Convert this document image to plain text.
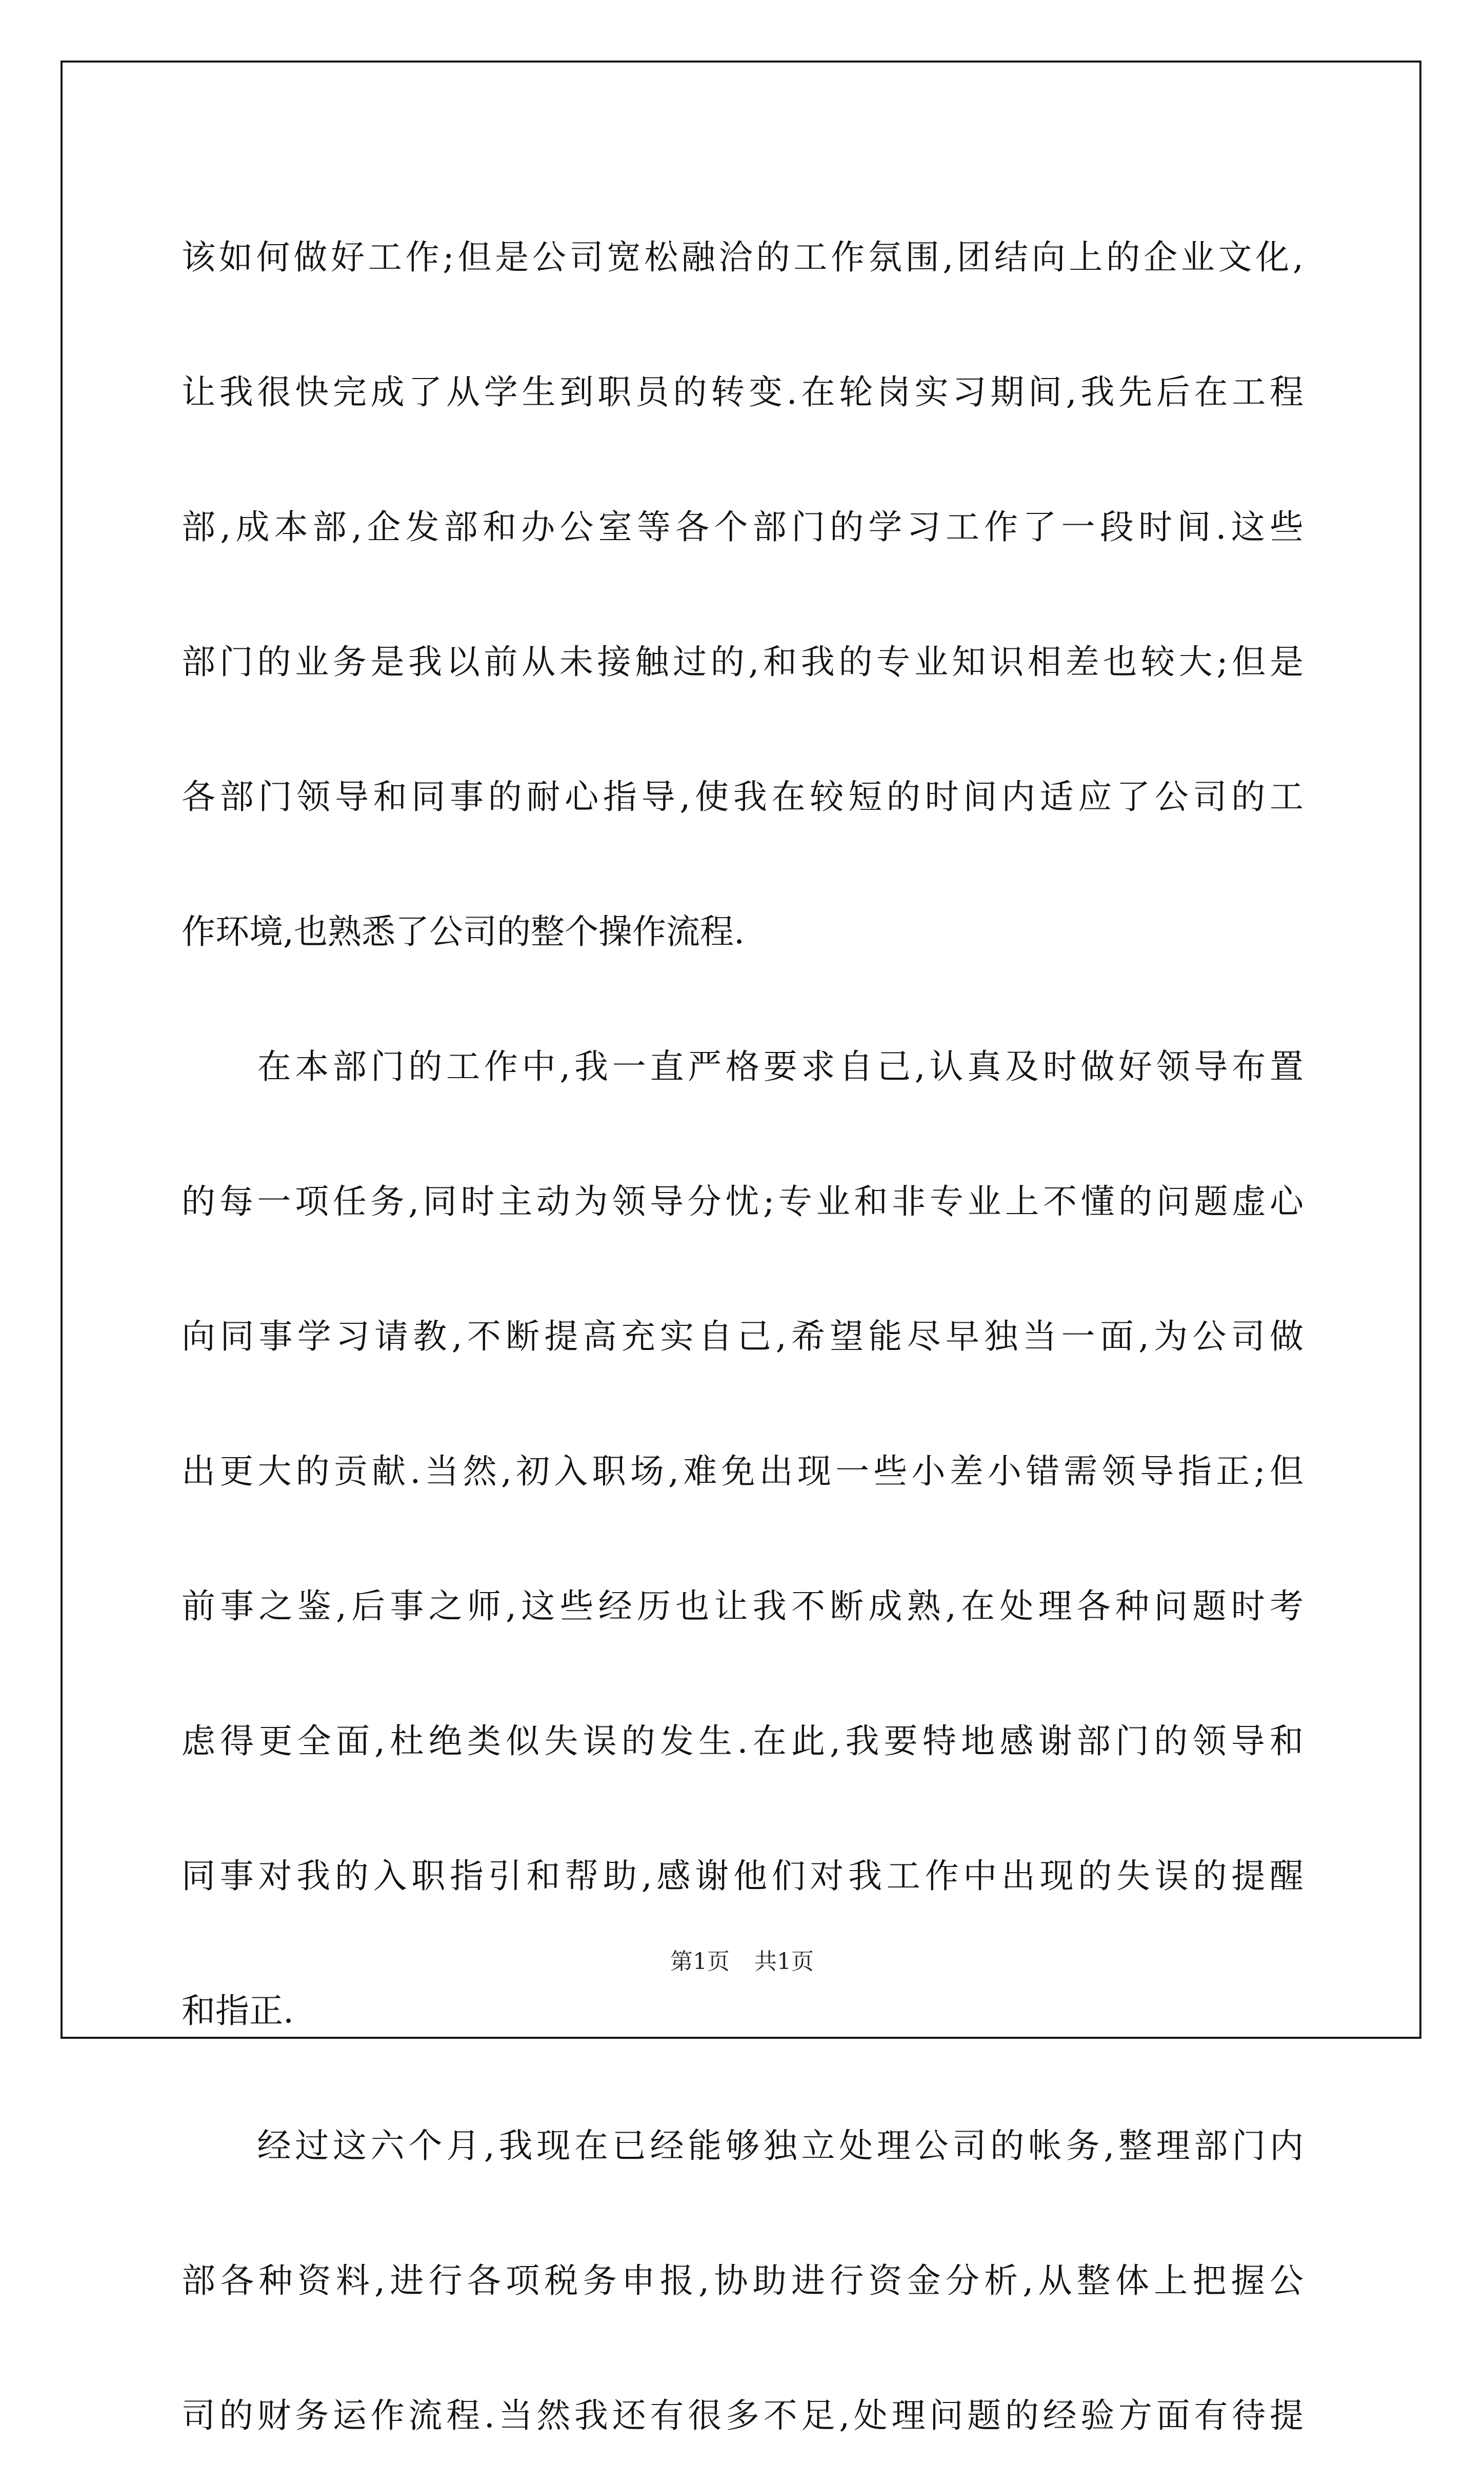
该如何做好工作;但是公司宽松融洽的工作氛围,团结向上的企业文化,
让我很快完成了从学生到职员的转变.在轮岗实习期间,我先后在工程
部,成本部,企发部和办公室等各个部门的学习工作了一段时间.这些
部门的业务是我以前从未接触过的,和我的专业知识相差也较大;但是
各部门领导和同事的耐心指导,使我在较短的时间内适应了公司的工
作环境,也熟悉了公司的整个操作流程.
　　在本部门的工作中,我一直严格要求自己,认真及时做好领导布置
的每一项任务,同时主动为领导分忧;专业和非专业上不懂的问题虚心
向同事学习请教,不断提高充实自己,希望能尽早独当一面,为公司做
出更大的贡献.当然,初入职场,难免出现一些小差小错需领导指正;但
前事之鉴,后事之师,这些经历也让我不断成熟,在处理各种问题时考
虑得更全面,杜绝类似失误的发生.在此,我要特地感谢部门的领导和
同事对我的入职指引和帮助,感谢他们对我工作中出现的失误的提醒
和指正.
　　经过这六个月,我现在已经能够独立处理公司的帐务,整理部门内
部各种资料,进行各项税务申报,协助进行资金分析,从整体上把握公
司的财务运作流程.当然我还有很多不足,处理问题的经验方面有待提
第1页 共1页
